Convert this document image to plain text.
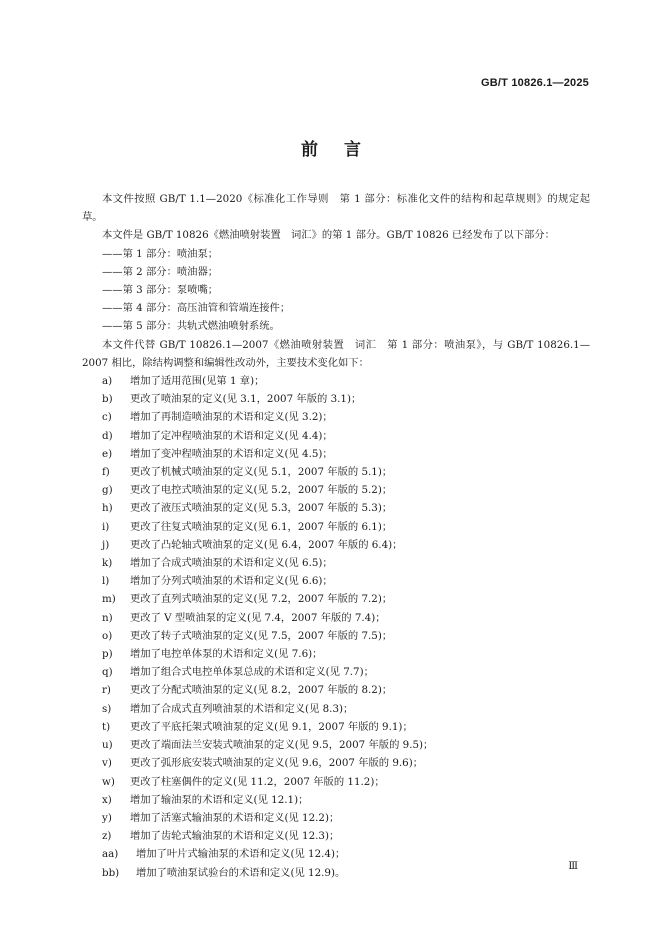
GB/T 10826.1—2025
前言
本文件按照 GB/T 1.1—2020《标准化工作导则　第 1 部分：标准化文件的结构和起草规则》的规定起草。
本文件是 GB/T 10826《燃油喷射装置　词汇》的第 1 部分。GB/T 10826 已经发布了以下部分：
——第 1 部分：喷油泵；
——第 2 部分：喷油器；
——第 3 部分：泵喷嘴；
——第 4 部分：高压油管和管端连接件；
——第 5 部分：共轨式燃油喷射系统。
本文件代替 GB/T 10826.1—2007《燃油喷射装置　词汇　第 1 部分：喷油泵》，与 GB/T 10826.1—2007 相比，除结构调整和编辑性改动外，主要技术变化如下：
a)	增加了适用范围(见第 1 章)；
b)	更改了喷油泵的定义(见 3.1，2007 年版的 3.1)；
c)	增加了再制造喷油泵的术语和定义(见 3.2)；
d)	增加了定冲程喷油泵的术语和定义(见 4.4)；
e)	增加了变冲程喷油泵的术语和定义(见 4.5)；
f)	更改了机械式喷油泵的定义(见 5.1，2007 年版的 5.1)；
g)	更改了电控式喷油泵的定义(见 5.2，2007 年版的 5.2)；
h)	更改了液压式喷油泵的定义(见 5.3，2007 年版的 5.3)；
i)	更改了往复式喷油泵的定义(见 6.1，2007 年版的 6.1)；
j)	更改了凸轮轴式喷油泵的定义(见 6.4，2007 年版的 6.4)；
k)	增加了合成式喷油泵的术语和定义(见 6.5)；
l)	增加了分列式喷油泵的术语和定义(见 6.6)；
m)	更改了直列式喷油泵的定义(见 7.2，2007 年版的 7.2)；
n)	更改了 V 型喷油泵的定义(见 7.4，2007 年版的 7.4)；
o)	更改了转子式喷油泵的定义(见 7.5，2007 年版的 7.5)；
p)	增加了电控单体泵的术语和定义(见 7.6)；
q)	增加了组合式电控单体泵总成的术语和定义(见 7.7)；
r)	更改了分配式喷油泵的定义(见 8.2，2007 年版的 8.2)；
s)	增加了合成式直列喷油泵的术语和定义(见 8.3)；
t)	更改了平底托架式喷油泵的定义(见 9.1，2007 年版的 9.1)；
u)	更改了端面法兰安装式喷油泵的定义(见 9.5，2007 年版的 9.5)；
v)	更改了弧形底安装式喷油泵的定义(见 9.6，2007 年版的 9.6)；
w)	更改了柱塞偶件的定义(见 11.2，2007 年版的 11.2)；
x)	增加了输油泵的术语和定义(见 12.1)；
y)	增加了活塞式输油泵的术语和定义(见 12.2)；
z)	增加了齿轮式输油泵的术语和定义(见 12.3)；
aa)	增加了叶片式输油泵的术语和定义(见 12.4)；
bb)	增加了喷油泵试验台的术语和定义(见 12.9)。
Ⅲ
